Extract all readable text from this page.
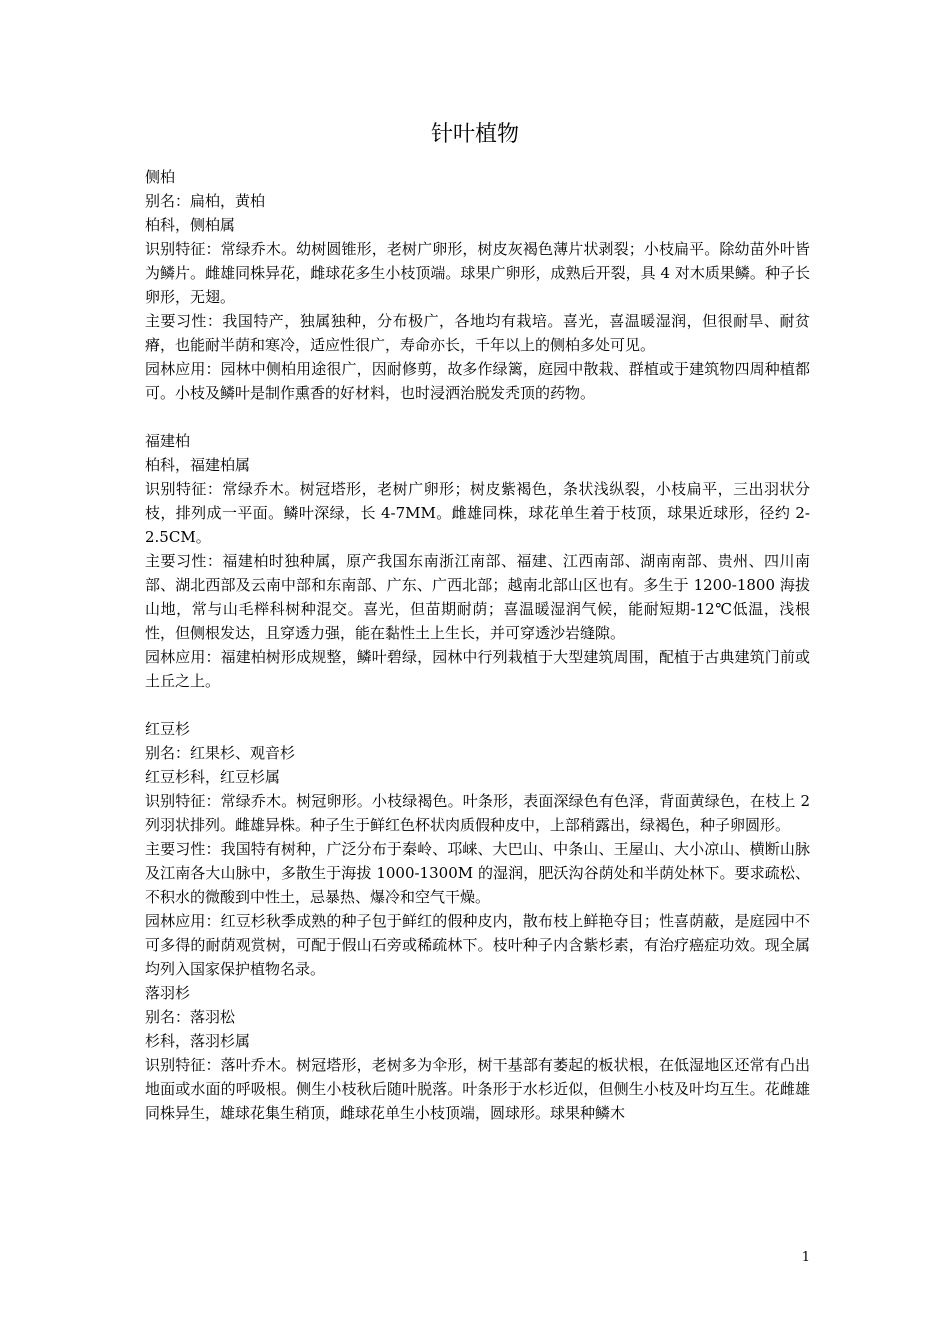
针叶植物
侧柏
别名：扁柏，黄柏
柏科，侧柏属

识别特征：常绿乔木。幼树圆锥形，老树广卵形，树皮灰褐色薄片状剥裂；小枝扁平。除幼苗外叶皆为鳞片。雌雄同株异花，雌球花多生小枝顶端。球果广卵形，成熟后开裂，具 4 对木质果鳞。种子长卵形，无翅。

主要习性：我国特产，独属独种，分布极广，各地均有栽培。喜光，喜温暖湿润，但很耐旱、耐贫瘠，也能耐半荫和寒冷，适应性很广，寿命亦长，千年以上的侧柏多处可见。

园林应用：园林中侧柏用途很广，因耐修剪，故多作绿篱，庭园中散栽、群植或于建筑物四周种植都可。小枝及鳞叶是制作熏香的好材料，也时浸洒治脱发秃顶的药物。

福建柏
柏科，福建柏属

识别特征：常绿乔木。树冠塔形，老树广卵形；树皮紫褐色，条状浅纵裂，小枝扁平，三出羽状分枝，排列成一平面。鳞叶深绿，长 4-7MM。雌雄同株，球花单生着于枝顶，球果近球形，径约 2-2.5CM。

主要习性：福建柏时独种属，原产我国东南浙江南部、福建、江西南部、湖南南部、贵州、四川南部、湖北西部及云南中部和东南部、广东、广西北部；越南北部山区也有。多生于 1200-1800 海拔山地，常与山毛榉科树种混交。喜光，但苗期耐荫；喜温暖湿润气候，能耐短期-12℃低温，浅根性，但侧根发达，且穿透力强，能在黏性土上生长，并可穿透沙岩缝隙。

园林应用：福建柏树形成规整，鳞叶碧绿，园林中行列栽植于大型建筑周围，配植于古典建筑门前或土丘之上。

红豆杉
别名：红果杉、观音杉
红豆杉科，红豆杉属

识别特征：常绿乔木。树冠卵形。小枝绿褐色。叶条形，表面深绿色有色泽，背面黄绿色，在枝上 2 列羽状排列。雌雄异株。种子生于鲜红色杯状肉质假种皮中，上部稍露出，绿褐色，种子卵圆形。

主要习性：我国特有树种，广泛分布于秦岭、邛崃、大巴山、中条山、王屋山、大小凉山、横断山脉及江南各大山脉中，多散生于海拔 1000-1300M 的湿润，肥沃沟谷荫处和半荫处林下。要求疏松、不积水的微酸到中性土，忌暴热、爆冷和空气干燥。

园林应用：红豆杉秋季成熟的种子包于鲜红的假种皮内，散布枝上鲜艳夺目；性喜荫蔽，是庭园中不可多得的耐荫观赏树，可配于假山石旁或稀疏林下。枝叶种子内含紫杉素，有治疗癌症功效。现全属均列入国家保护植物名录。

落羽杉
别名：落羽松
杉科，落羽杉属

识别特征：落叶乔木。树冠塔形，老树多为伞形，树干基部有萎起的板状根，在低湿地区还常有凸出地面或水面的呼吸根。侧生小枝秋后随叶脱落。叶条形于水杉近似，但侧生小枝及叶均互生。花雌雄同株异生，雄球花集生稍顶，雌球花单生小枝顶端，圆球形。球果种鳞木

1
